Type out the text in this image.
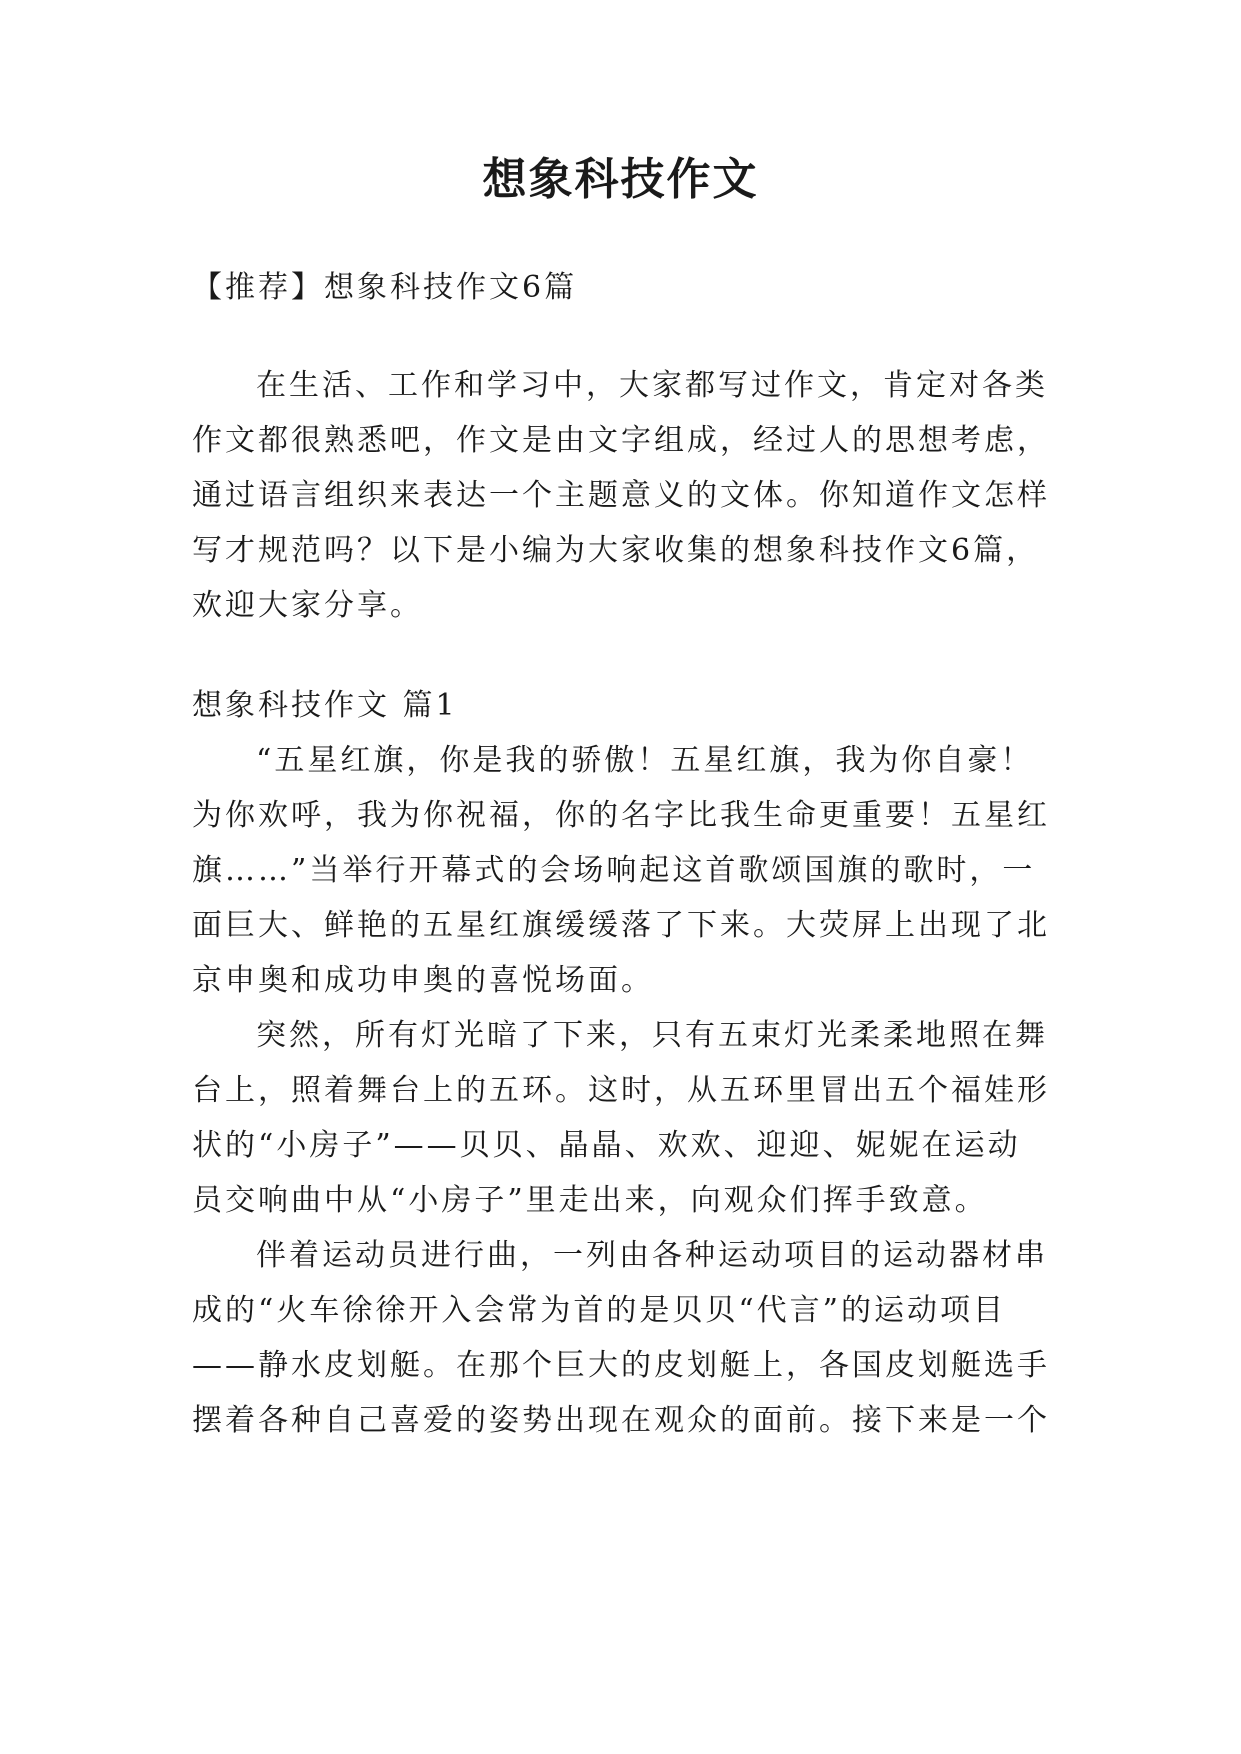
想象科技作文
【推荐】想象科技作文6篇
在生活、工作和学习中，大家都写过作文，肯定对各类
作文都很熟悉吧，作文是由文字组成，经过人的思想考虑，
通过语言组织来表达一个主题意义的文体。你知道作文怎样
写才规范吗？以下是小编为大家收集的想象科技作文6篇，
欢迎大家分享。
想象科技作文 篇1
“五星红旗，你是我的骄傲！五星红旗，我为你自豪！
为你欢呼，我为你祝福，你的名字比我生命更重要！五星红
旗……”当举行开幕式的会场响起这首歌颂国旗的歌时，一
面巨大、鲜艳的五星红旗缓缓落了下来。大荧屏上出现了北
京申奥和成功申奥的喜悦场面。
突然，所有灯光暗了下来，只有五束灯光柔柔地照在舞
台上，照着舞台上的五环。这时，从五环里冒出五个福娃形
状的“小房子”——贝贝、晶晶、欢欢、迎迎、妮妮在运动
员交响曲中从“小房子”里走出来，向观众们挥手致意。
伴着运动员进行曲，一列由各种运动项目的运动器材串
成的“火车徐徐开入会常为首的是贝贝“代言”的运动项目
——静水皮划艇。在那个巨大的皮划艇上，各国皮划艇选手
摆着各种自己喜爱的姿势出现在观众的面前。接下来是一个
